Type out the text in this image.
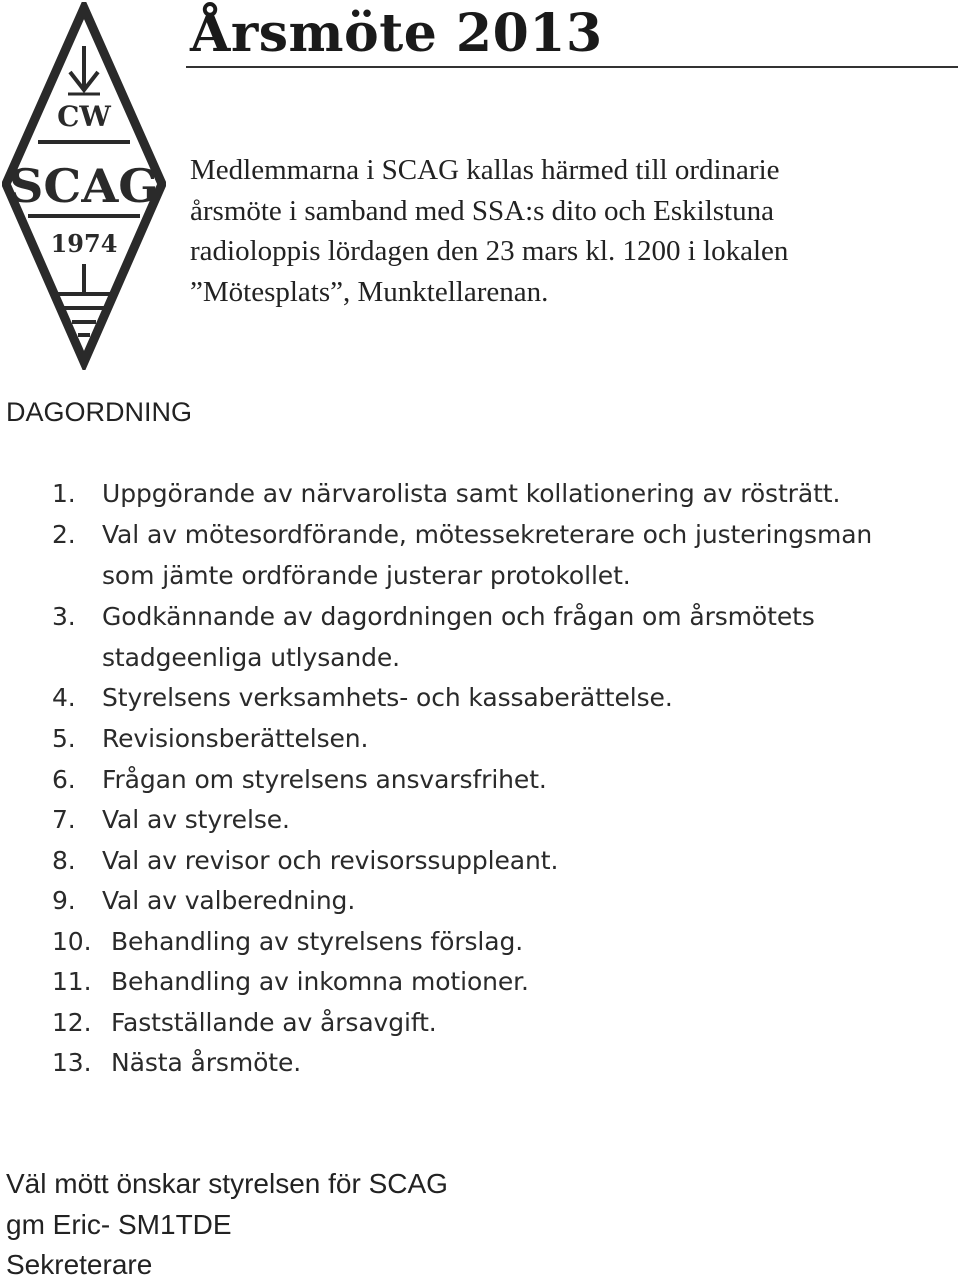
CW
SCAG
1974
Årsmöte 2013
Medlemmarna i SCAG kallas härmed till ordinarie
årsmöte i samband med SSA:s dito och Eskilstuna
radioloppis lördagen den 23 mars kl. 1200 i lokalen
”Mötesplats”, Munktellarenan.
DAGORDNING
1. Uppgörande av närvarolista samt kollationering av rösträtt.
2. Val av mötesordförande, mötessekreterare och justeringsman
som jämte ordförande justerar protokollet.
3. Godkännande av dagordningen och frågan om årsmötets
stadgeenliga utlysande.
4. Styrelsens verksamhets- och kassaberättelse.
5. Revisionsberättelsen.
6. Frågan om styrelsens ansvarsfrihet.
7. Val av styrelse.
8. Val av revisor och revisorssuppleant.
9. Val av valberedning.
10. Behandling av styrelsens förslag.
11. Behandling av inkomna motioner.
12. Fastställande av årsavgift.
13. Nästa årsmöte.
Väl mött önskar styrelsen för SCAG
gm Eric- SM1TDE
Sekreterare
